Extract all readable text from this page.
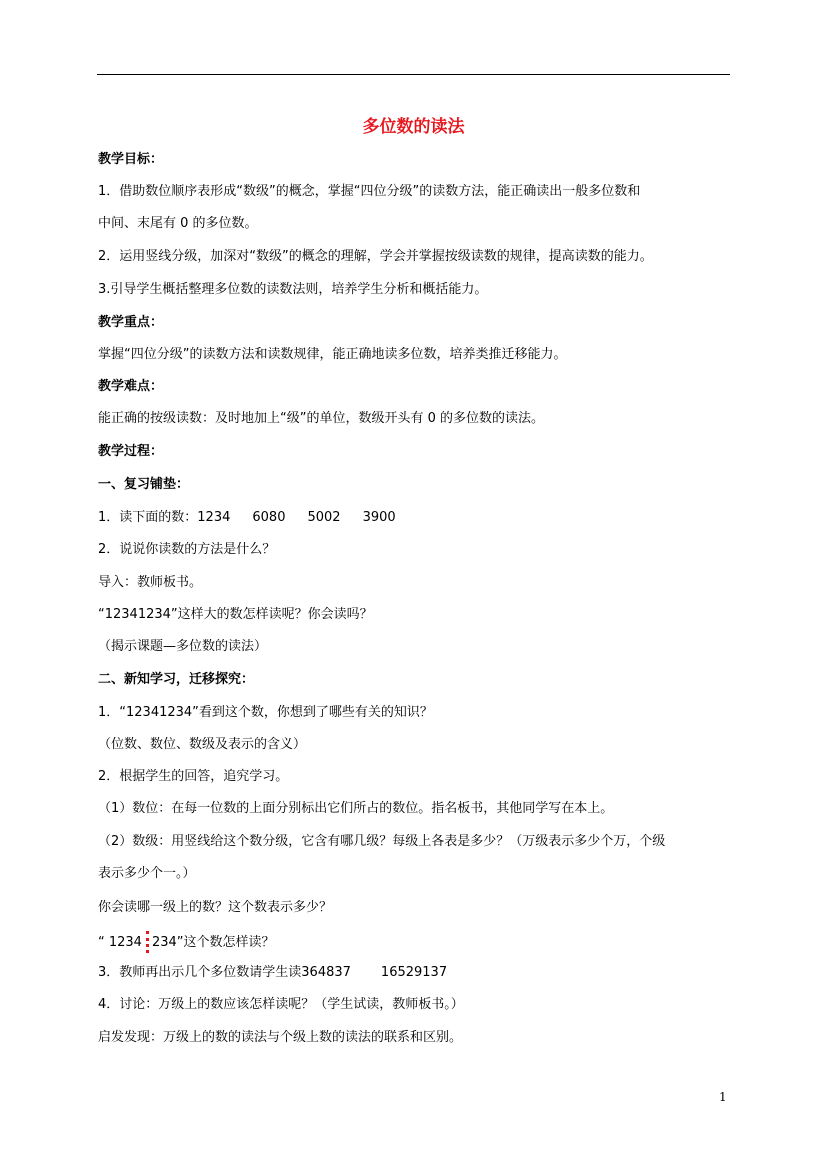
多位数的读法
教学目标：
1．借助数位顺序表形成“数级”的概念，掌握“四位分级”的读数方法，能正确读出一般多位数和
中间、末尾有 0 的多位数。
2．运用竖线分级，加深对“数级”的概念的理解，学会并掌握按级读数的规律，提高读数的能力。
3.引导学生概括整理多位数的读数法则，培养学生分析和概括能力。
教学重点：
掌握“四位分级”的读数方法和读数规律，能正确地读多位数，培养类推迁移能力。
教学难点：
能正确的按级读数：及时地加上“级”的单位，数级开头有 0 的多位数的读法。
教学过程：
一、复习铺垫：
1．读下面的数：1234 6080 5002 3900
2．说说你读数的方法是什么？
导入：教师板书。
“12341234”这样大的数怎样读呢？你会读吗？
（揭示课题—多位数的读法）
二、新知学习，迁移探究：
1．“12341234”看到这个数，你想到了哪些有关的知识？
（位数、数位、数级及表示的含义）
2．根据学生的回答，追究学习。
（1）数位：在每一位数的上面分别标出它们所占的数位。指名板书，其他同学写在本上。
（2）数级：用竖线给这个数分级，它含有哪几级？每级上各表是多少？（万级表示多少个万，个级
表示多少个一。）
你会读哪一级上的数？这个数表示多少？
“ 1234 234”这个数怎样读？
3．教师再出示几个多位数请学生读364837 16529137
4．讨论：万级上的数应该怎样读呢？（学生试读，教师板书。）
启发发现：万级上的数的读法与个级上数的读法的联系和区别。
1
